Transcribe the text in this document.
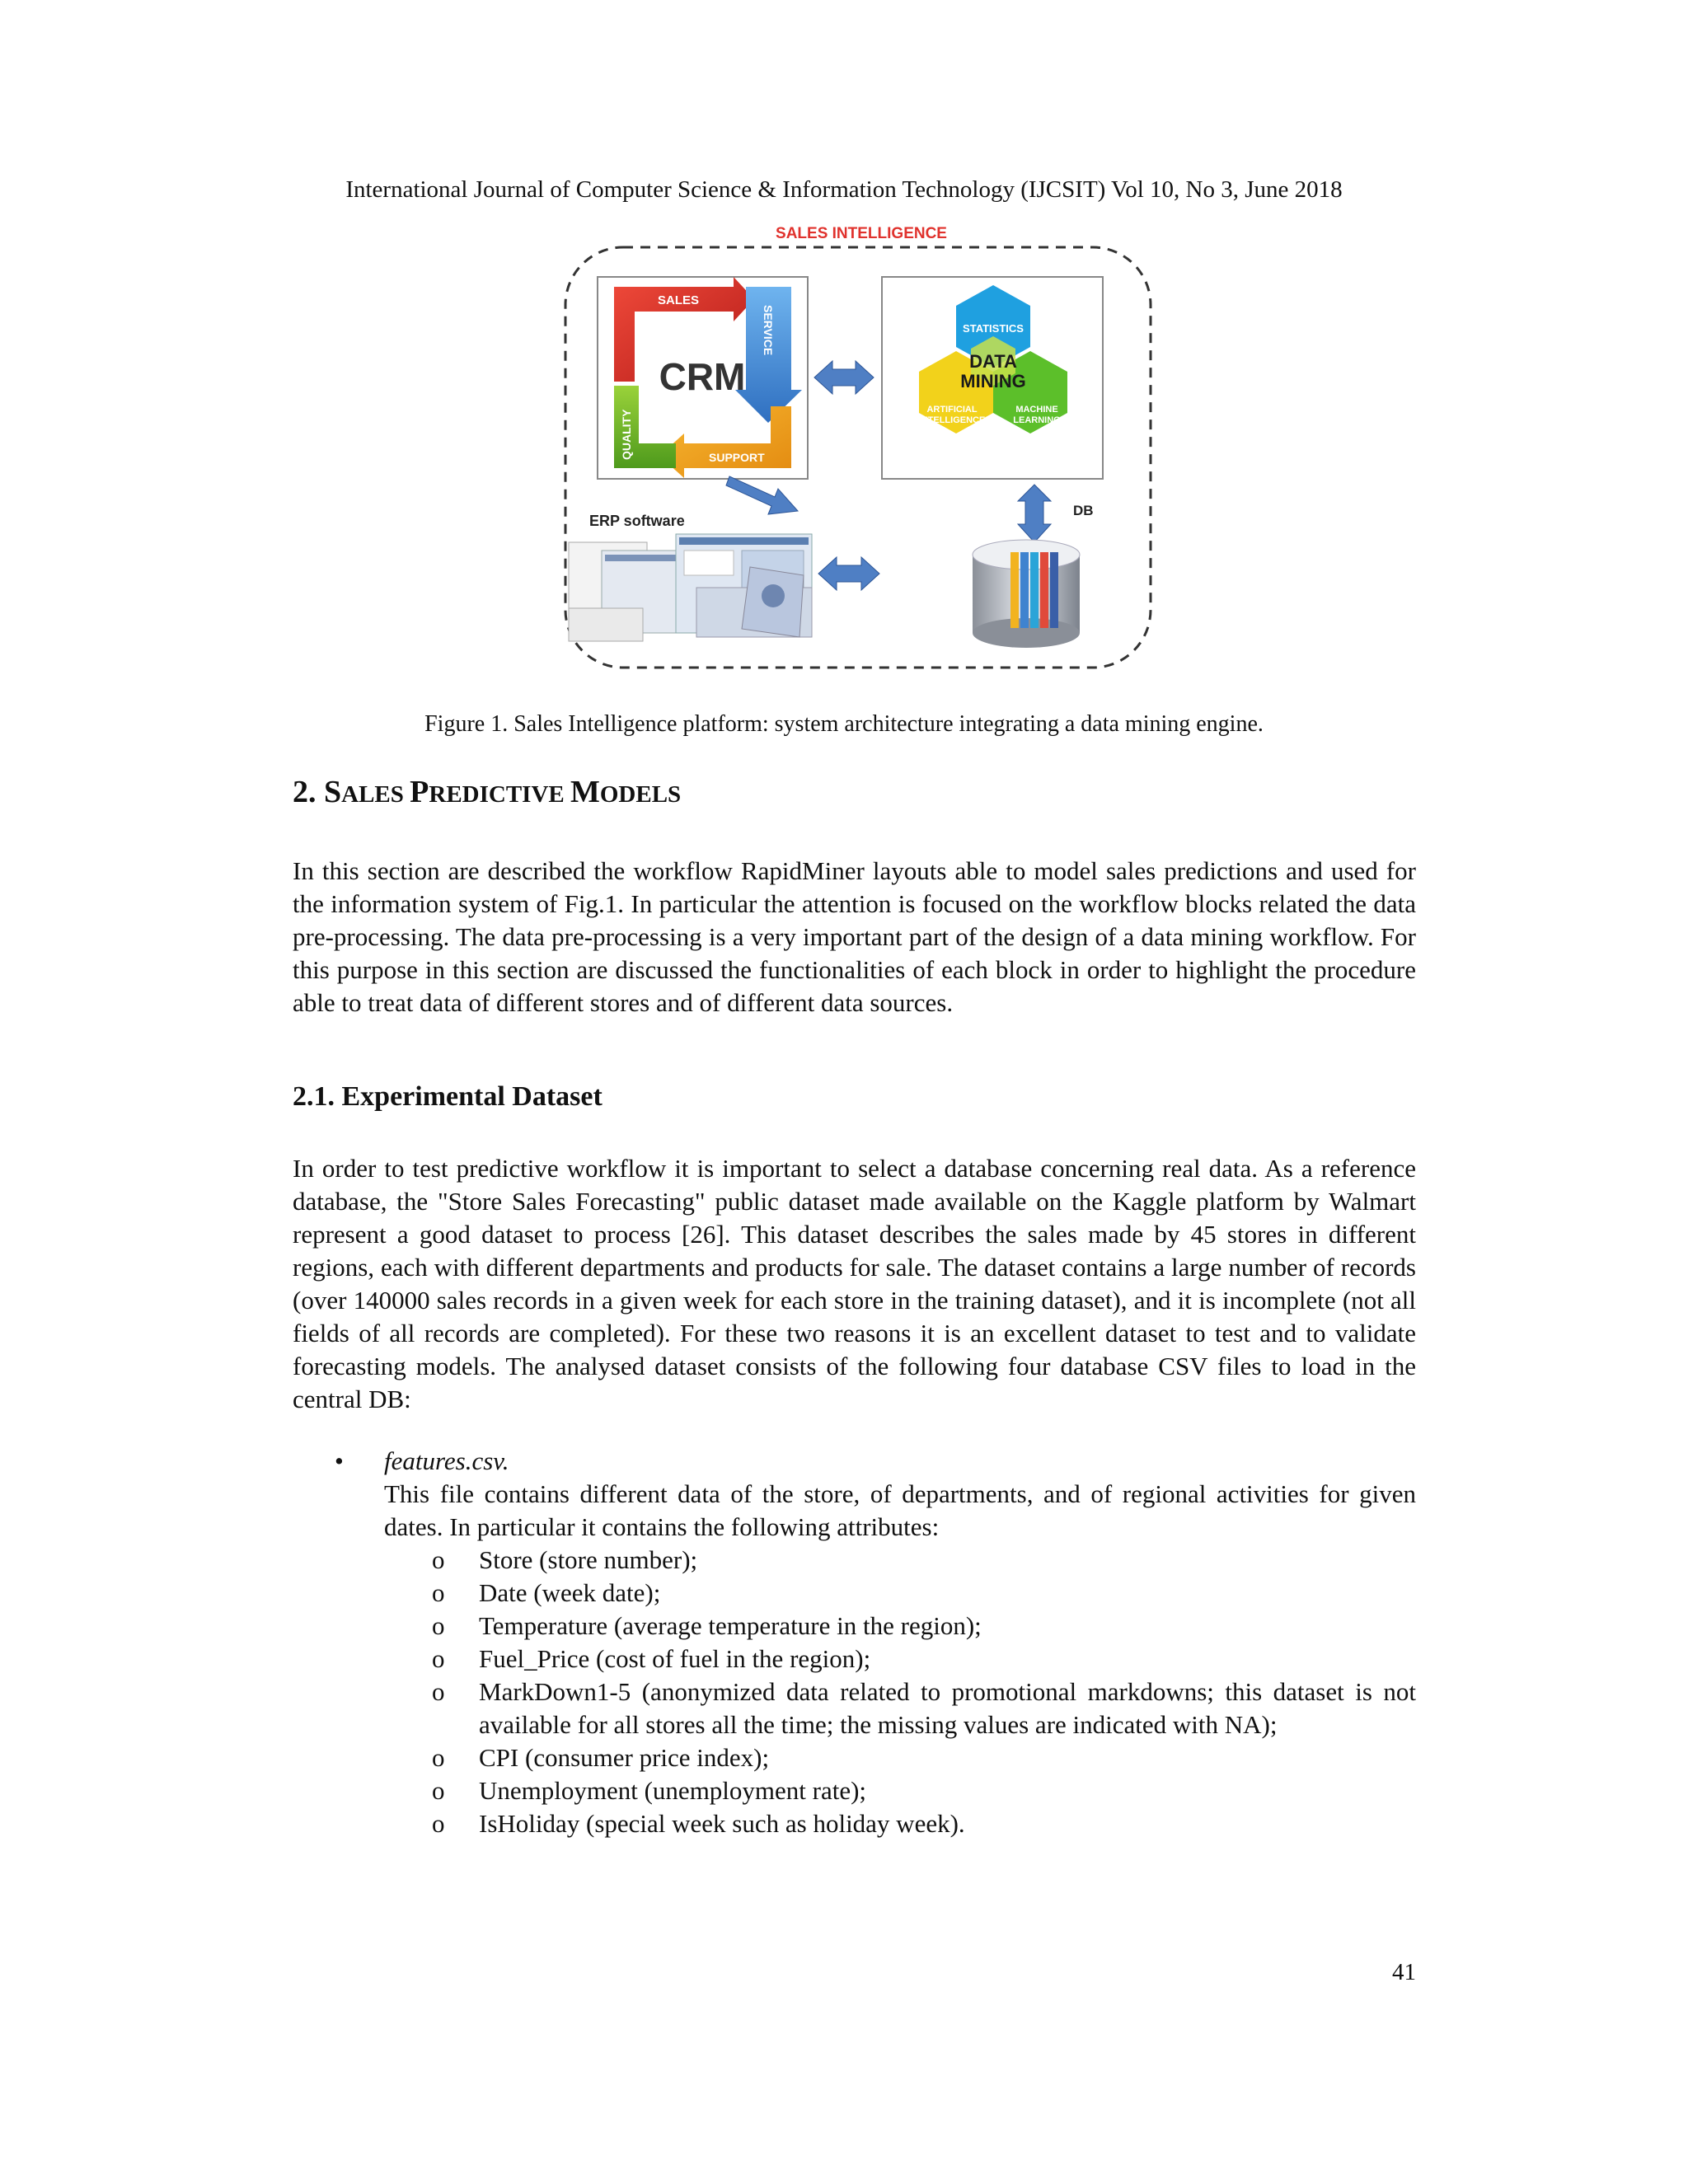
International Journal of Computer Science & Information Technology (IJCSIT) Vol 10, No 3, June 2018
SALES INTELLIGENCE
CRM
SALES
SERVICE
SUPPORT
QUALITY
STATISTICS
DATA
MINING
ARTIFICIAL
INTELLIGENCE
MACHINE
LEARNING
DB
ERP software
Figure 1. Sales Intelligence platform: system architecture integrating a data mining engine.
2. SALES PREDICTIVE MODELS

In this section are described the workflow RapidMiner layouts able to model sales predictions and used for the information system of Fig.1. In particular the attention is focused on the workflow blocks related the data pre-processing. The data pre-processing is a very important part of the design of a data mining workflow. For this purpose in this section are discussed the functionalities of each block in order to highlight the procedure able to treat data of different stores and of different data sources.

2.1. Experimental Dataset

In order to test predictive workflow it is important to select a database concerning real data. As a reference database, the "Store Sales Forecasting" public dataset made available on the Kaggle platform by Walmart represent a good dataset to process [26]. This dataset describes the sales made by 45 stores in different regions, each with different departments and products for sale. The dataset contains a large number of records (over 140000 sales records in a given week for each store in the training dataset), and it is incomplete (not all fields of all records are completed). For these two reasons it is an excellent dataset to test and to validate forecasting models. The analysed dataset consists of the following four database CSV files to load in the central DB:

• features.csv.

This file contains different data of the store, of departments, and of regional activities for given dates. In particular it contains the following attributes:

o Store (store number);
o Date (week date);
o Temperature (average temperature in the region);
o Fuel_Price (cost of fuel in the region);
o MarkDown1-5 (anonymized data related to promotional markdowns; this dataset is not available for all stores all the time; the missing values are indicated with NA);
o CPI (consumer price index);
o Unemployment (unemployment rate);
o IsHoliday (special week such as holiday week).
41
